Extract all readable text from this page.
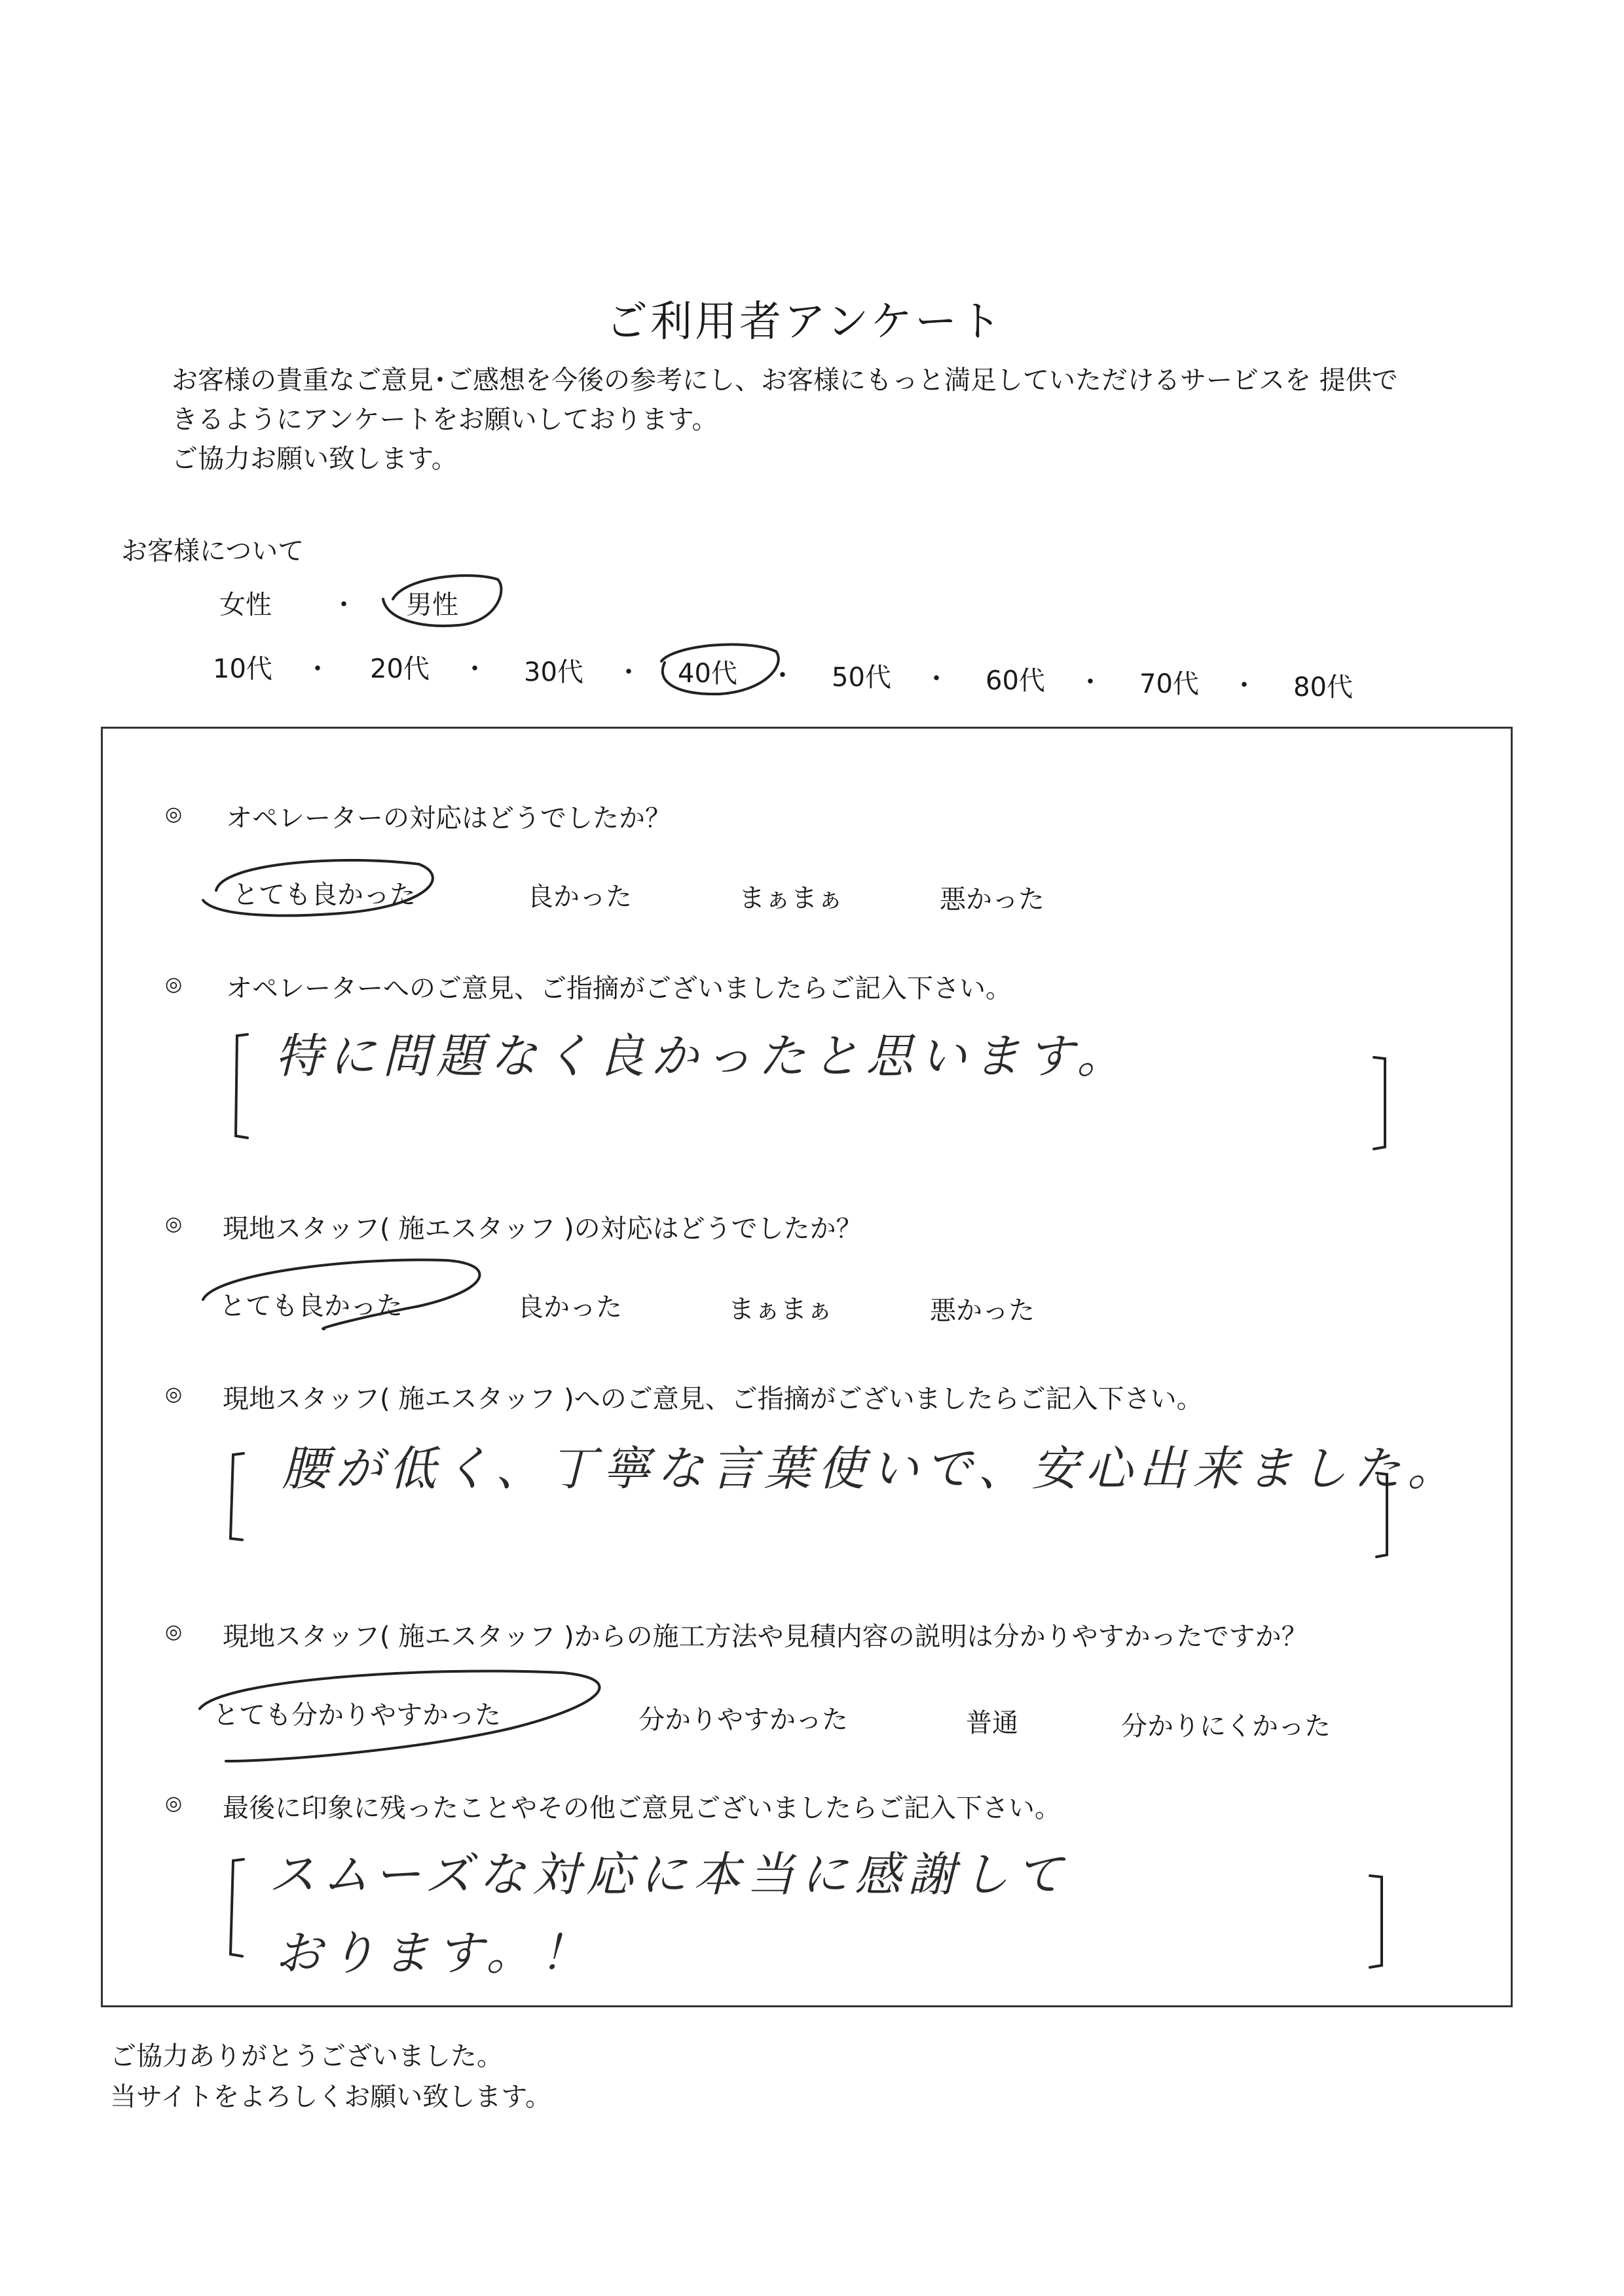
ご利用者アンケート
お客様の貴重なご意見･ご感想を今後の参考にし、お客様にもっと満足していただけるサービスを 提供で
きるようにアンケートをお願いしております。
ご協力お願い致します。
お客様について
女性 ・ 男性
10代 ・ 20代 ・ 30代 ・ 40代 ・ 50代 ・ 60代 ・ 70代 ・ 80代
◎ オペレーターの対応はどうでしたか？
とても良かった	良かった	まぁまぁ	悪かった
◎ オペレーターへのご意見、ご指摘がございましたらご記入下さい。
特に問題なく良かったと思います。
◎ 現地スタッフ( 施エスタッフ )の対応はどうでしたか？
とても良かった	良かった	まぁまぁ	悪かった
◎ 現地スタッフ( 施エスタッフ )へのご意見、ご指摘がございましたらご記入下さい。
腰が低く、丁寧な言葉使いで、安心出来ました。
◎ 現地スタッフ( 施エスタッフ )からの施工方法や見積内容の説明は分かりやすかったですか？
とても分かりやすかった	分かりやすかった	普通	分かりにくかった
◎ 最後に印象に残ったことやその他ご意見ございましたらご記入下さい。
スムーズな対応に本当に感謝して
おります。！
ご協力ありがとうございました。
当サイトをよろしくお願い致します。
